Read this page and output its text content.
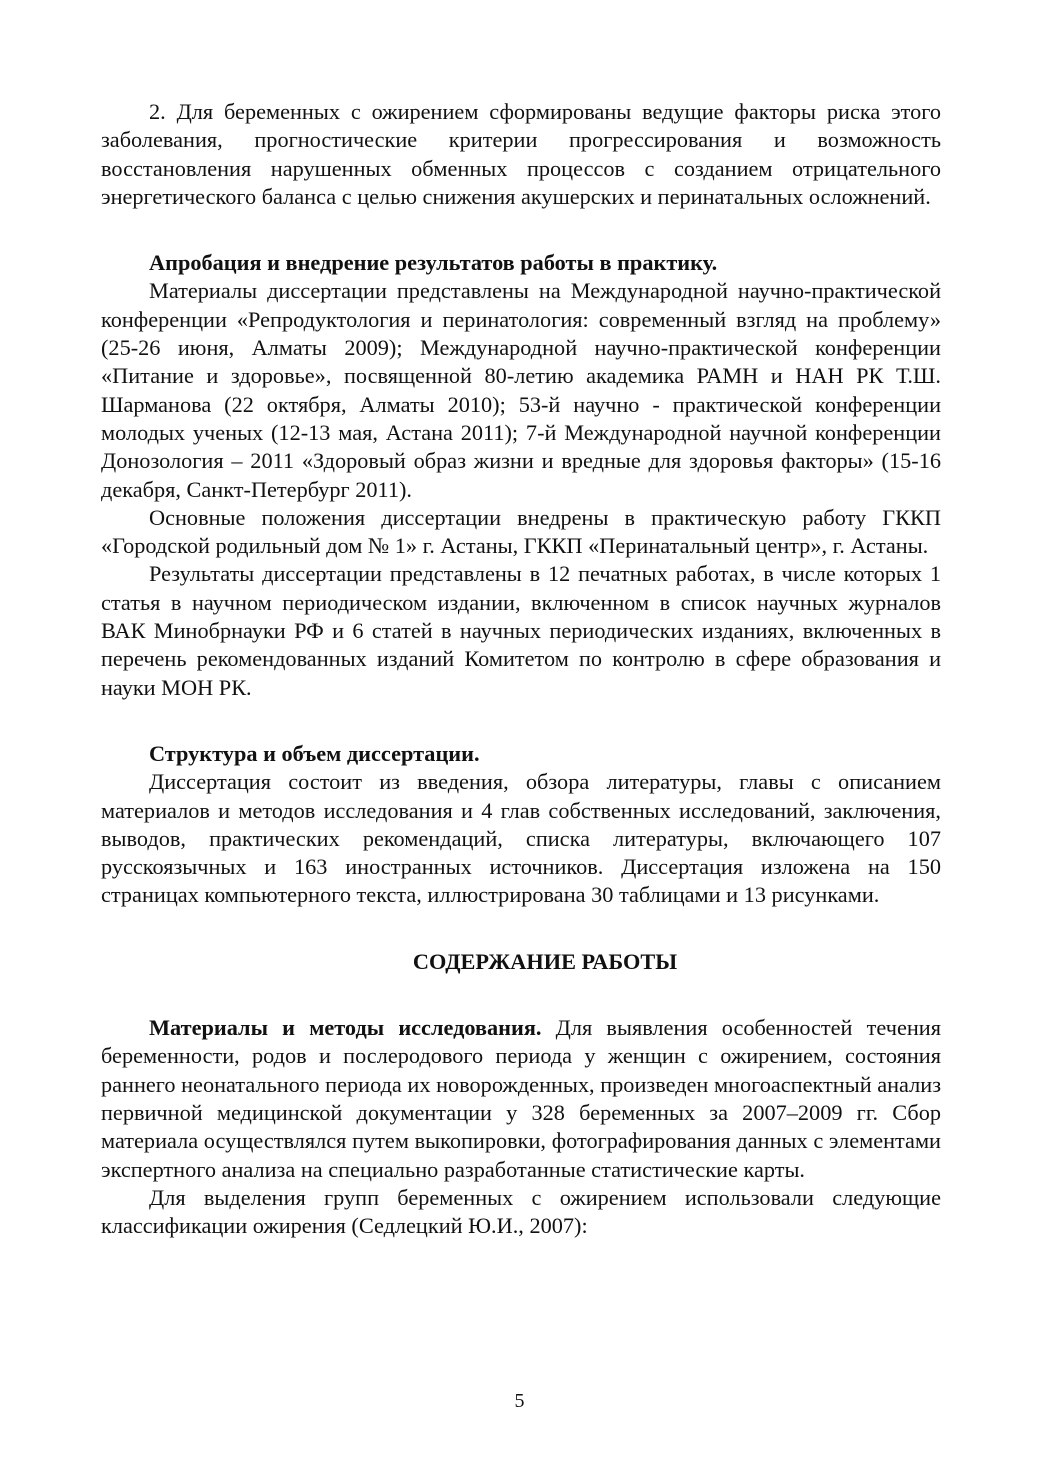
2. Для беременных с ожирением сформированы ведущие факторы риска этого заболевания, прогностические критерии прогрессирования и возможность восстановления нарушенных обменных процессов с созданием отрицательного энергетического баланса с целью снижения акушерских и перинатальных осложнений.

Апробация и внедрение результатов работы в практику.

Материалы диссертации представлены на Международной научно-практической конференции «Репродуктология и перинатология: современный взгляд на проблему» (25-26 июня, Алматы 2009); Международной научно-практической конференции «Питание и здоровье», посвященной 80-летию академика РАМН и НАН РК Т.Ш. Шарманова (22 октября, Алматы 2010); 53-й научно - практической конференции молодых ученых (12-13 мая, Астана 2011); 7-й Международной научной конференции Донозология – 2011 «Здоровый образ жизни и вредные для здоровья факторы» (15-16 декабря, Санкт-Петербург 2011).

Основные положения диссертации внедрены в практическую работу ГККП «Городской родильный дом № 1» г. Астаны, ГККП «Перинатальный центр», г. Астаны.

Результаты диссертации представлены в 12 печатных работах, в числе которых 1 статья в научном периодическом издании, включенном в список научных журналов ВАК Минобрнауки РФ и 6 статей в научных периодических изданиях, включенных в перечень рекомендованных изданий Комитетом по контролю в сфере образования и науки МОН РК.

Структура и объем диссертации.

Диссертация состоит из введения, обзора литературы, главы с описанием материалов и методов исследования и 4 глав собственных исследований, заключения, выводов, практических рекомендаций, списка литературы, включающего 107 русскоязычных и 163 иностранных источников. Диссертация изложена на 150 страницах компьютерного текста, иллюстрирована 30 таблицами и 13 рисунками.

СОДЕРЖАНИЕ РАБОТЫ

Материалы и методы исследования. Для выявления особенностей течения беременности, родов и послеродового периода у женщин с ожирением, состояния раннего неонатального периода их новорожденных, произведен многоаспектный анализ первичной медицинской документации у 328 беременных за 2007–2009 гг. Сбор материала осуществлялся путем выкопировки, фотографирования данных с элементами экспертного анализа на специально разработанные статистические карты.

Для выделения групп беременных с ожирением использовали следующие классификации ожирения (Седлецкий Ю.И., 2007):

5
